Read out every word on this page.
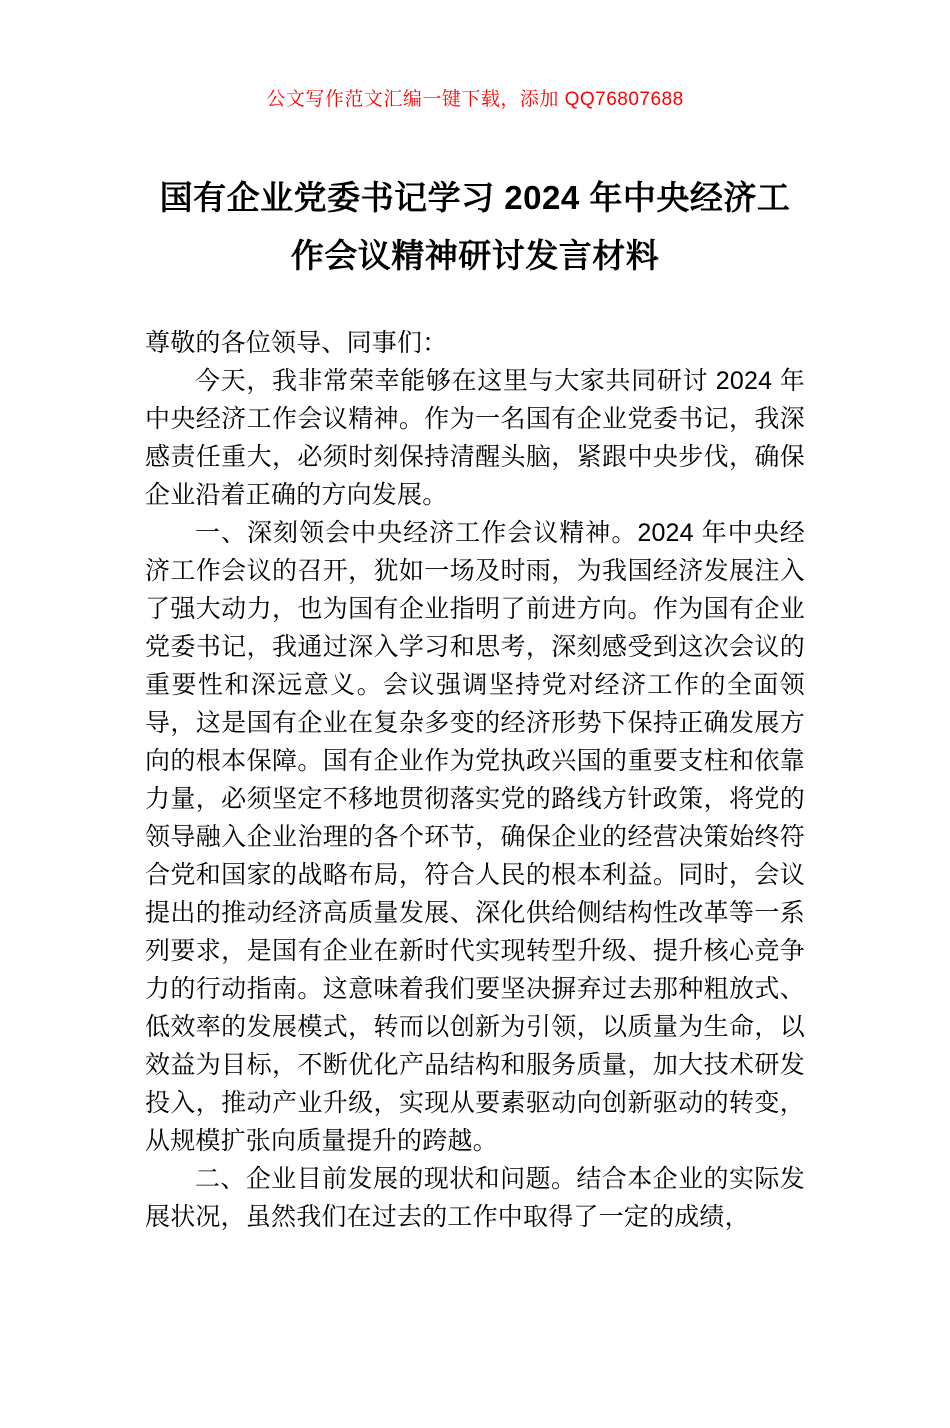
公文写作范文汇编一键下载，添加 QQ76807688
国有企业党委书记学习 2024 年中央经济工作会议精神研讨发言材料
尊敬的各位领导、同事们：

今天，我非常荣幸能够在这里与大家共同研讨 2024 年中央经济工作会议精神。作为一名国有企业党委书记，我深感责任重大，必须时刻保持清醒头脑，紧跟中央步伐，确保企业沿着正确的方向发展。

一、深刻领会中央经济工作会议精神。2024 年中央经济工作会议的召开，犹如一场及时雨，为我国经济发展注入了强大动力，也为国有企业指明了前进方向。作为国有企业党委书记，我通过深入学习和思考，深刻感受到这次会议的重要性和深远意义。会议强调坚持党对经济工作的全面领导，这是国有企业在复杂多变的经济形势下保持正确发展方向的根本保障。国有企业作为党执政兴国的重要支柱和依靠力量，必须坚定不移地贯彻落实党的路线方针政策，将党的领导融入企业治理的各个环节，确保企业的经营决策始终符合党和国家的战略布局，符合人民的根本利益。同时，会议提出的推动经济高质量发展、深化供给侧结构性改革等一系列要求，是国有企业在新时代实现转型升级、提升核心竞争力的行动指南。这意味着我们要坚决摒弃过去那种粗放式、低效率的发展模式，转而以创新为引领，以质量为生命，以效益为目标，不断优化产品结构和服务质量，加大技术研发投入，推动产业升级，实现从要素驱动向创新驱动的转变，从规模扩张向质量提升的跨越。

二、企业目前发展的现状和问题。结合本企业的实际发展状况，虽然我们在过去的工作中取得了一定的成绩，
